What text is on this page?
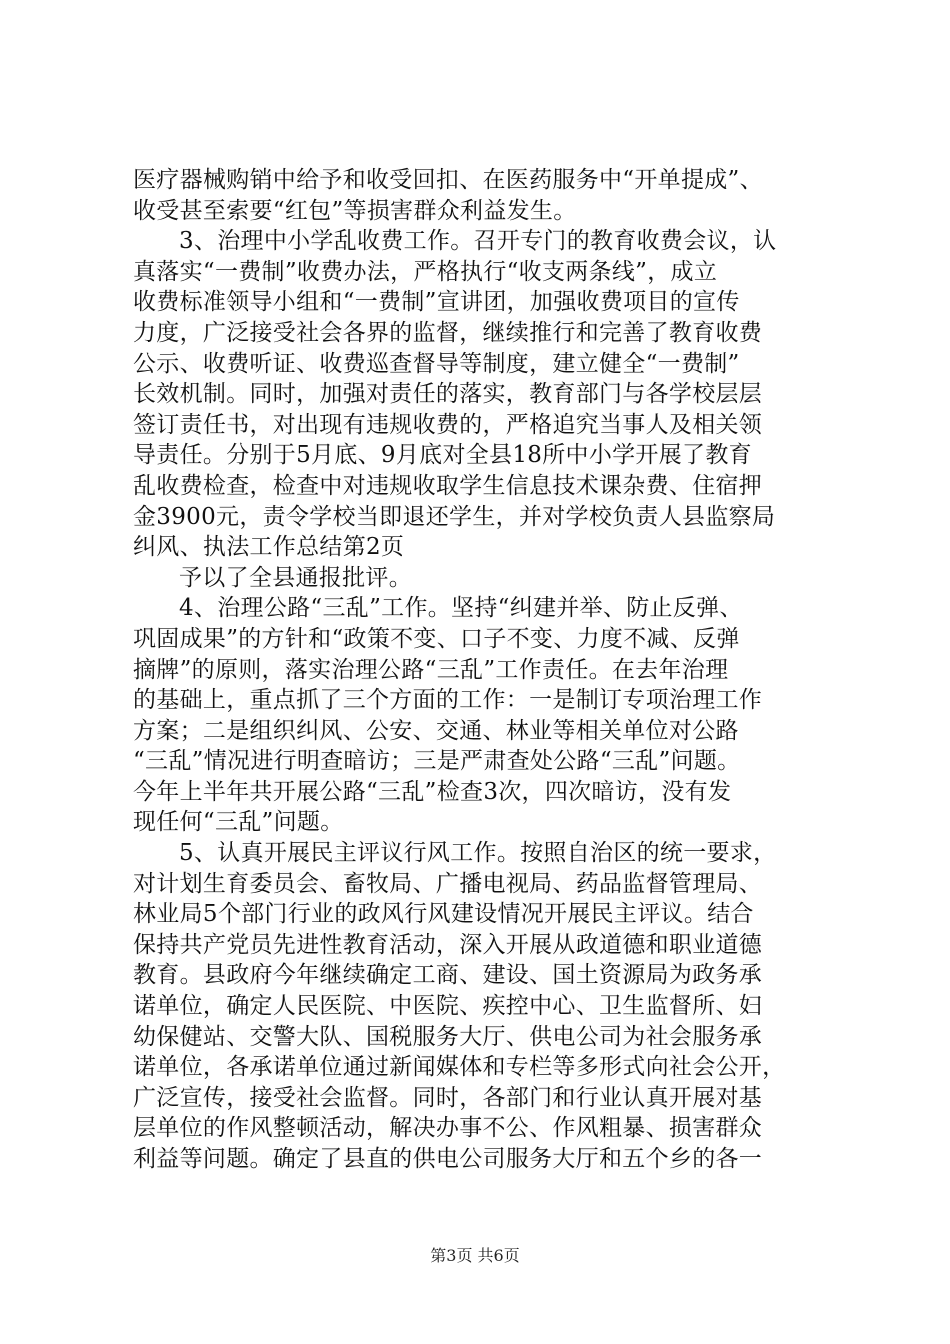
医疗器械购销中给予和收受回扣、在医药服务中“开单提成”、
收受甚至索要“红包”等损害群众利益发生。
3、治理中小学乱收费工作。召开专门的教育收费会议，认
真落实“一费制”收费办法，严格执行“收支两条线”，成立
收费标准领导小组和“一费制”宣讲团，加强收费项目的宣传
力度，广泛接受社会各界的监督，继续推行和完善了教育收费
公示、收费听证、收费巡查督导等制度，建立健全“一费制”
长效机制。同时，加强对责任的落实，教育部门与各学校层层
签订责任书，对出现有违规收费的，严格追究当事人及相关领
导责任。分别于5月底、9月底对全县18所中小学开展了教育
乱收费检查，检查中对违规收取学生信息技术课杂费、住宿押
金3900元，责令学校当即退还学生，并对学校负责人县监察局
纠风、执法工作总结第2页
予以了全县通报批评。
4、治理公路“三乱”工作。坚持“纠建并举、防止反弹、
巩固成果”的方针和“政策不变、口子不变、力度不减、反弹
摘牌”的原则，落实治理公路“三乱”工作责任。在去年治理
的基础上，重点抓了三个方面的工作：一是制订专项治理工作
方案；二是组织纠风、公安、交通、林业等相关单位对公路
“三乱”情况进行明查暗访；三是严肃查处公路“三乱”问题。
今年上半年共开展公路“三乱”检查3次，四次暗访，没有发
现任何“三乱”问题。
5、认真开展民主评议行风工作。按照自治区的统一要求，
对计划生育委员会、畜牧局、广播电视局、药品监督管理局、
林业局5个部门行业的政风行风建设情况开展民主评议。结合
保持共产党员先进性教育活动，深入开展从政道德和职业道德
教育。县政府今年继续确定工商、建设、国土资源局为政务承
诺单位，确定人民医院、中医院、疾控中心、卫生监督所、妇
幼保健站、交警大队、国税服务大厅、供电公司为社会服务承
诺单位，各承诺单位通过新闻媒体和专栏等多形式向社会公开，
广泛宣传，接受社会监督。同时，各部门和行业认真开展对基
层单位的作风整顿活动，解决办事不公、作风粗暴、损害群众
利益等问题。确定了县直的供电公司服务大厅和五个乡的各一
第3页 共6页
